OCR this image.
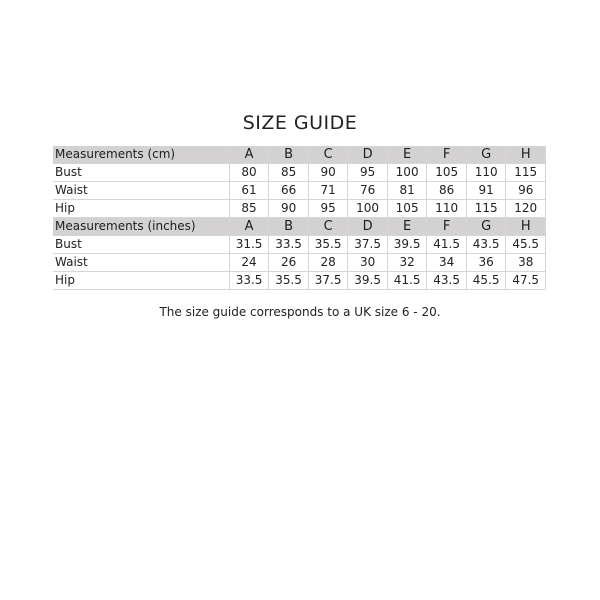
SIZE GUIDE
Measurements (cm)	A	B	C	D	E	F	G	H
Bust	80	85	90	95	100	105	110	115
Waist	61	66	71	76	81	86	91	96
Hip	85	90	95	100	105	110	115	120
Measurements (inches)	A	B	C	D	E	F	G	H
Bust	31.5	33.5	35.5	37.5	39.5	41.5	43.5	45.5
Waist	24	26	28	30	32	34	36	38
Hip	33.5	35.5	37.5	39.5	41.5	43.5	45.5	47.5

The size guide corresponds to a UK size 6 - 20.
